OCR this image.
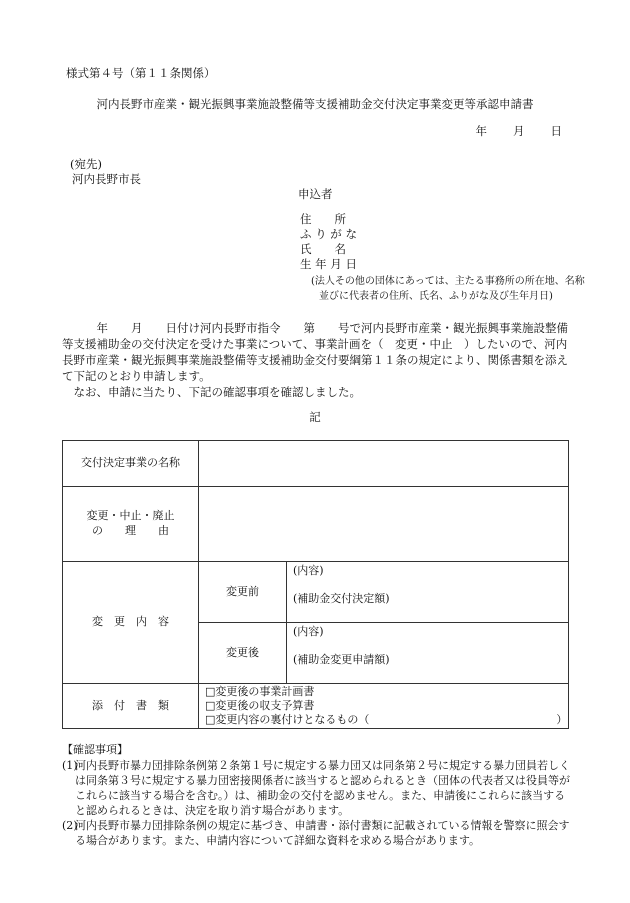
様式第４号（第１１条関係）
河内長野市産業・観光振興事業施設整備等支援補助金交付決定事業変更等承認申請書
年 月 日
(宛先)
河内長野市長
申込者
住　　所
ふ り が な
氏　　名
生 年 月 日
(法人その他の団体にあっては、主たる事務所の所在地、名称
並びに代表者の住所、氏名、ふりがな及び生年月日)

　　　年　　月　　日付け河内長野市指令　　第　　号で河内長野市産業・観光振興事業施設整備等支援補助金の交付決定を受けた事業について、事業計画を（　変更・中止　）したいので、河内長野市産業・観光振興事業施設整備等支援補助金交付要綱第１１条の規定により、関係書類を添えて下記のとおり申請します。

　なお、申請に当たり、下記の確認事項を確認しました。

記
交付決定事業の名称		

変更・中止・廃止
の　　理　　由		

変　更　内　容	変更前	(内容)
(補助金交付決定額)

	変更後	(内容)
(補助金変更申請額)

添　付　書　類	□変更後の事業計画書
□変更後の収支予算書
□変更内容の裏付けとなるもの（　　　　　　　　　　　　　　　　　）	

【確認事項】

(1)
河内長野市暴力団排除条例第２条第１号に規定する暴力団又は同条第２号に規定する暴力団員若しくは同条第３号に規定する暴力団密接関係者に該当すると認められるとき（団体の代表者又は役員等がこれらに該当する場合を含む。）は、補助金の交付を認めません。また、申請後にこれらに該当すると認められるときは、決定を取り消す場合があります。
(2)
河内長野市暴力団排除条例の規定に基づき、申請書・添付書類に記載されている情報を警察に照会する場合があります。また、申請内容について詳細な資料を求める場合があります。
